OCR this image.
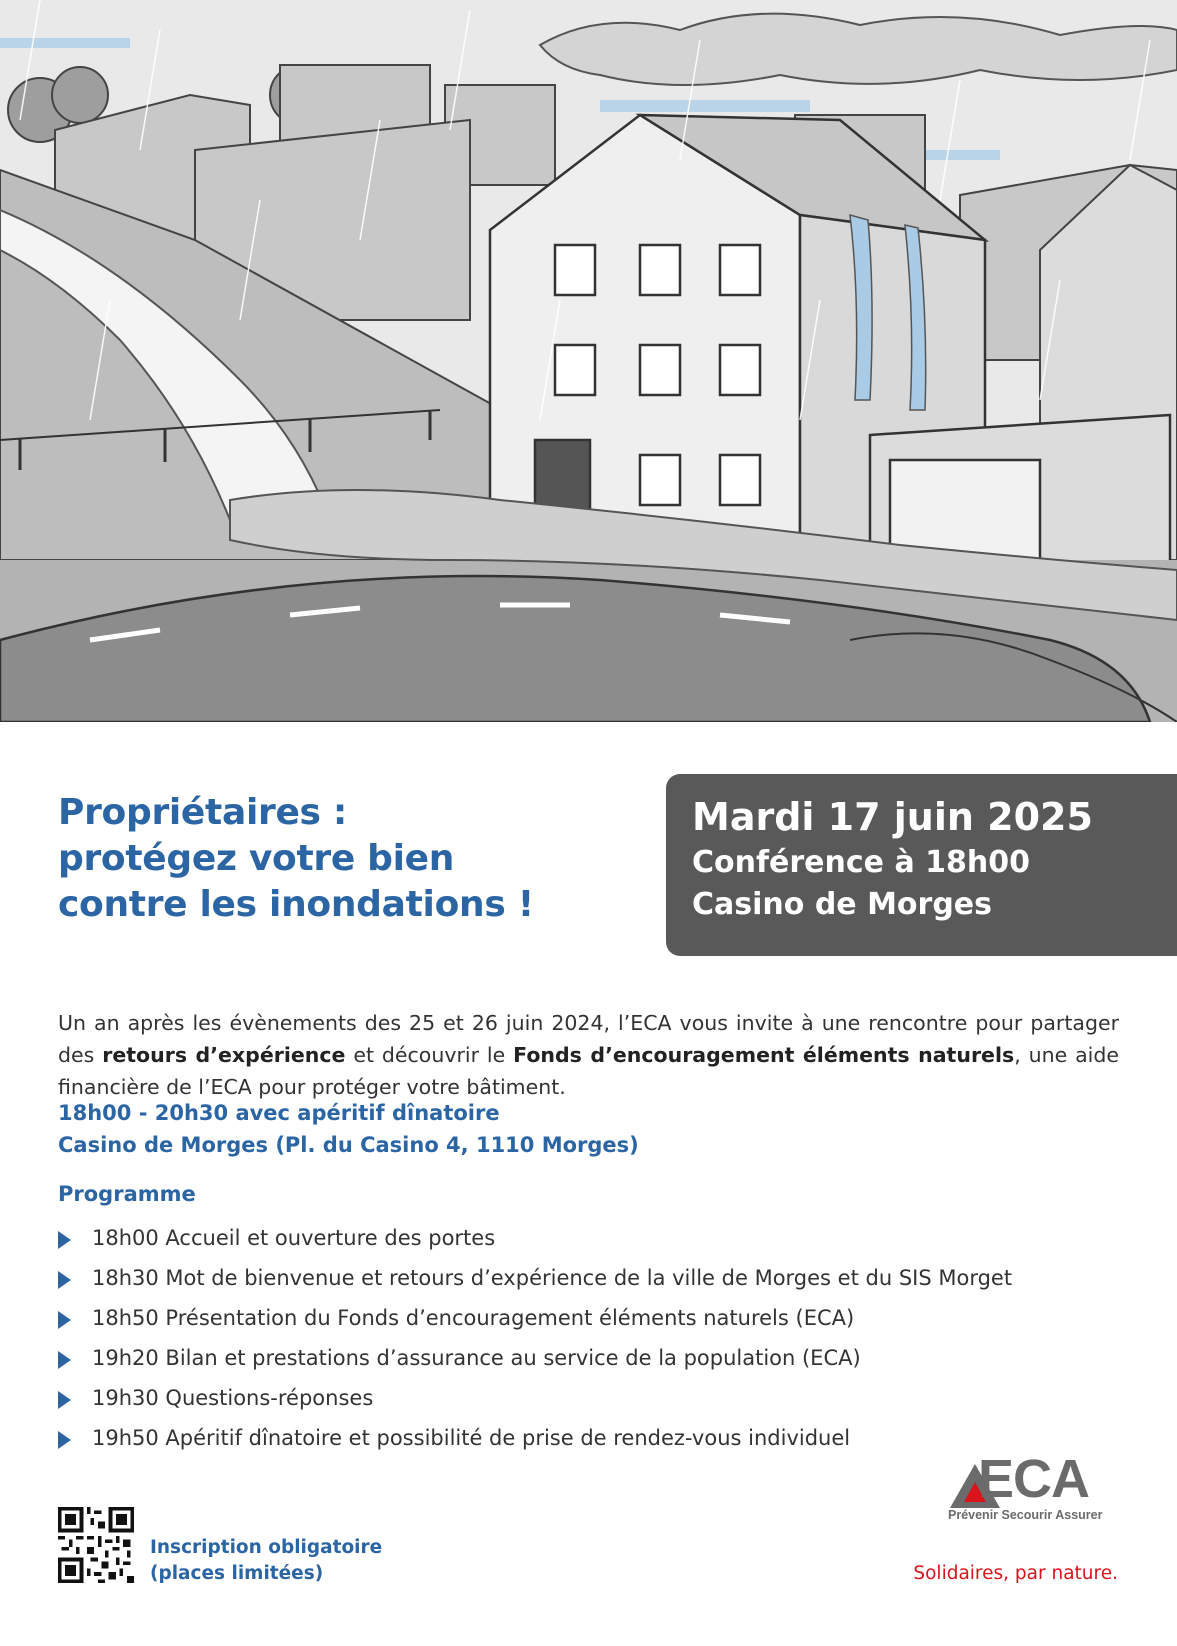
Propriétaires :
protégez votre bien
contre les inondations !
Mardi 17 juin 2025
Conférence à 18h00
Casino de Morges

Un an après les évènements des 25 et 26 juin 2024, l’ECA vous invite à une rencontre pour partager des retours d’expérience et découvrir le Fonds d’encouragement éléments naturels, une aide financière de l’ECA pour protéger votre bâtiment.

18h00 - 20h30 avec apéritif dînatoire
Casino de Morges (Pl. du Casino 4, 1110 Morges)
Programme
18h00 Accueil et ouverture des portes
18h30 Mot de bienvenue et retours d’expérience de la ville de Morges et du SIS Morget
18h50 Présentation du Fonds d’encouragement éléments naturels (ECA)
19h20 Bilan et prestations d’assurance au service de la population (ECA)
19h30 Questions-réponses
19h50 Apéritif dînatoire et possibilité de prise de rendez-vous individuel
Inscription obligatoire
(places limitées)
ECA
Prévenir Secourir Assurer
Solidaires, par nature.
